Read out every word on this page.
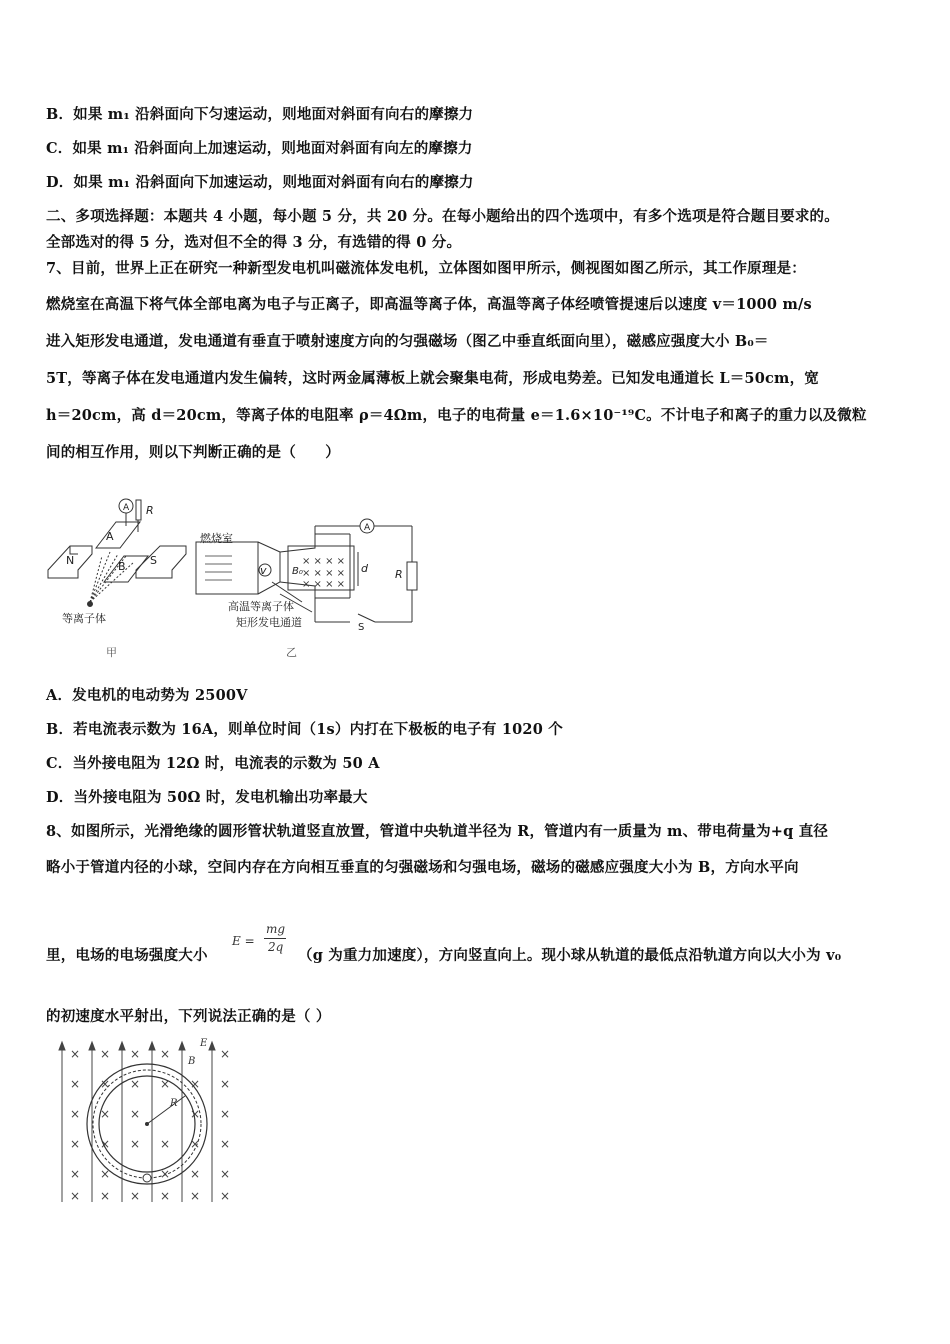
B．如果 m₁ 沿斜面向下匀速运动，则地面对斜面有向右的摩擦力
C．如果 m₁ 沿斜面向上加速运动，则地面对斜面有向左的摩擦力
D．如果 m₁ 沿斜面向下加速运动，则地面对斜面有向右的摩擦力
二、多项选择题：本题共 4 小题，每小题 5 分，共 20 分。在每小题给出的四个选项中，有多个选项是符合题目要求的。
全部选对的得 5 分，选对但不全的得 3 分，有选错的得 0 分。
7、目前，世界上正在研究一种新型发电机叫磁流体发电机，立体图如图甲所示，侧视图如图乙所示，其工作原理是：
燃烧室在高温下将气体全部电离为电子与正离子，即高温等离子体，高温等离子体经喷管提速后以速度 v＝1000 m/s
进入矩形发电通道，发电通道有垂直于喷射速度方向的匀强磁场（图乙中垂直纸面向里），磁感应强度大小 B₀＝
5T，等离子体在发电通道内发生偏转，这时两金属薄板上就会聚集电荷，形成电势差。已知发电通道长 L＝50cm，宽
h＝20cm，高 d＝20cm，等离子体的电阻率 ρ＝4Ωm，电子的电荷量 e＝1.6×10⁻¹⁹C。不计电子和离子的重力以及微粒
间的相互作用，则以下判断正确的是（　　）
× × × ×
× × × ×
× × × ×
A R
A
B
N	S
等离子体
燃烧室
v	B₀	d R
A
高温等离子体
矩形发电通道	S
甲	乙
A．发电机的电动势为 2500V
B．若电流表示数为 16A，则单位时间（1s）内打在下极板的电子有 1020 个
C．当外接电阻为 12Ω 时，电流表的示数为 50 A
D．当外接电阻为 50Ω 时，发电机输出功率最大
8、如图所示，光滑绝缘的圆形管状轨道竖直放置，管道中央轨道半径为 R，管道内有一质量为 m、带电荷量为+q 直径
略小于管道内径的小球，空间内存在方向相互垂直的匀强磁场和匀强电场，磁场的磁感应强度大小为 B，方向水平向
里，电场的电场强度大小
E =
mg
2q （g 为重力加速度），方向竖直向上。现小球从轨道的最低点沿轨道方向以大小为 v₀
的初速度水平射出，下列说法正确的是（ ）
× × × ×	×
× × × × × ×
× × ×	× ×
× × × × × ×
× ×	× × ×
× × × × × ×
E
B
R
